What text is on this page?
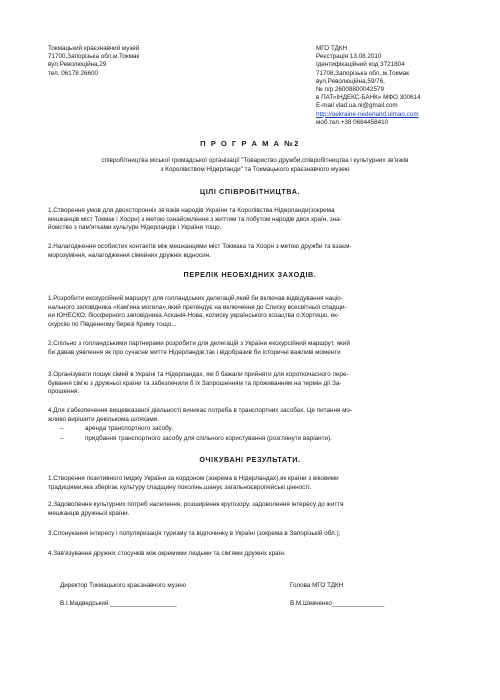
Токмацький краєзнавчий музей
71700,Запорізька обл.м.Токмак
вул.Революційна,29
тел. 06178 26600
МГО ТДКН
Реєстрація 13.08.2010
Ідентифікаційний код 3721804
71708,Запорізька обл.,м.Токмак
вул.Революційна,59/76,
№ п/р 26008800042579
в ПАТ«ІНДЕКС-БАНК» МФО 300614
E-mail vlad.ua.nl@gmail.com
http://oekraine-nederland.ulmao.com
моб.тел.+38 0684458410
П Р О Г Р А М А №2
співробітництва міської громадської організації "Товариство дружби,співробітництва і культурних зв'язків
з Королівством Нідерланди" та Токмацького краєзнавчого музею
ЦІЛІ СПІВРОБІТНИЦТВА.
1.Створення умов для двохсторонніх зв'язків народів України та Королівства Нідерланди(зокрема
мешканців міст Токмак і Хоорн) з метою ознайомлення з життям та побутом народів двох країн, зна-
йомство з пам'ятками культури Нідерландів і України тощо.
2.Налагодження особистих контактів між мешканцями міст Токмака та Хоорн з метою дружби та взаєм-
морозуміння, налагодження сімейних дружніх відносин.
ПЕРЕЛІК НЕОБХІДНИХ ЗАХОДІВ.
1.Розробити екскурсійний маршрут для голландських делегацій,який би включав відвідування націо-
нального заповідника «Кам'яна могила»,який претендує на включення до Списку всесвітньої спадщи-
ни ЮНЕСКО, біосферного заповідника Асканія-Нова, колиску українського козацтва о.Хортицю, ек-
скурсію по Південному березі Криму тощо...
2.Спільно з голландськими партнерами розробити для делегацій з України екскурсійний маршрут, який
би давав уявлення як про сучасне життя Нідерландів,так і відобразив би історичні важливі моменти
3.Організувати пошук сімей в Україні та Нідерландах, які б бажали прийняти для короткочасного пере-
бування сім'ю з дружньої країни та забезпечили б їх Запрошенням та проживанням на термін дії За-
прошення.
4.Для з'абезпечення вищевказаної діяльності виникає потреба в транспортних засобах. Це питання мо-
жливо вирішити декількома шляхами.
–	аренда транспортного засобу,
–	придбання транспортного засобу для спільного користування (розглянути варіанти).
ОЧІКУВАНІ РЕЗУЛЬТАТИ.
1.Створення позитивного іміджу України за кордоном (зокрема в Нідерландах),як країни з віковими
традиціями,яка зберігає культуру спадщину поколінь,шанує загальноєвропейські цінності.
2.Задоволення культурних потреб населення, розширення кругозору, задоволення інтересу до життя
мешканців дружньої країни.
3.Спонукання інтересу і популяризація туризму та відпочинку в Україні (зокрема в Запорізькій обл.);
4.Зав'язування дружніх стосунків між окремими людьми та сім'ями дружніх країн.
Директор Токмацького краєзнавчого музею
В.І.Мадведський ___________________
Голова МГО ТДКН
В.М.Шевченко_______________
